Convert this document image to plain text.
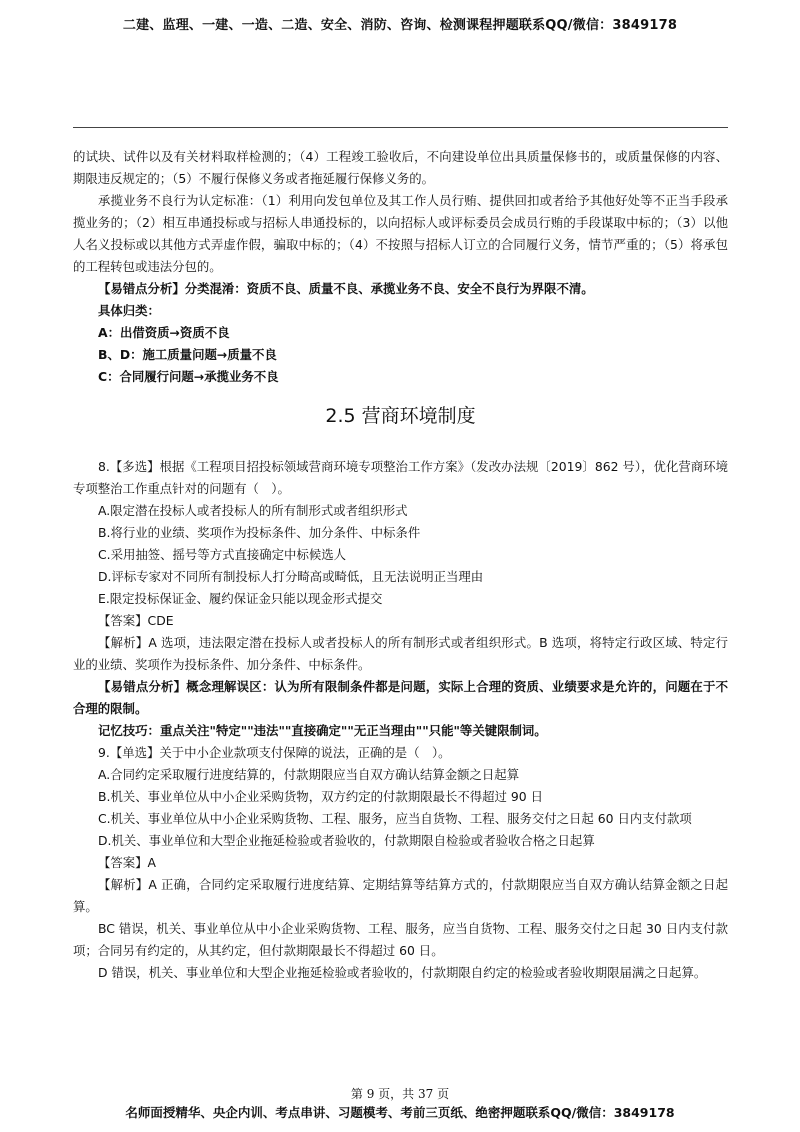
二建、监理、一建、一造、二造、安全、消防、咨询、检测课程押题联系QQ/微信：3849178

的试块、试件以及有关材料取样检测的；（4）工程竣工验收后，不向建设单位出具质量保修书的，或质量保修的内容、期限违反规定的；（5）不履行保修义务或者拖延履行保修义务的。

承揽业务不良行为认定标准：（1）利用向发包单位及其工作人员行贿、提供回扣或者给予其他好处等不正当手段承揽业务的；（2）相互串通投标或与招标人串通投标的，以向招标人或评标委员会成员行贿的手段谋取中标的；（3）以他人名义投标或以其他方式弄虚作假，骗取中标的；（4）不按照与招标人订立的合同履行义务，情节严重的；（5）将承包的工程转包或违法分包的。

【易错点分析】分类混淆：资质不良、质量不良、承揽业务不良、安全不良行为界限不清。

具体归类：

A：出借资质→资质不良

B、D：施工质量问题→质量不良

C：合同履行问题→承揽业务不良

2.5 营商环境制度

8.【多选】根据《工程项目招投标领域营商环境专项整治工作方案》（发改办法规〔2019〕862 号），优化营商环境专项整治工作重点针对的问题有（　）。

A.限定潜在投标人或者投标人的所有制形式或者组织形式

B.将行业的业绩、奖项作为投标条件、加分条件、中标条件

C.采用抽签、摇号等方式直接确定中标候选人

D.评标专家对不同所有制投标人打分畸高或畸低，且无法说明正当理由

E.限定投标保证金、履约保证金只能以现金形式提交

【答案】CDE

【解析】A 选项，违法限定潜在投标人或者投标人的所有制形式或者组织形式。B 选项，将特定行政区域、特定行业的业绩、奖项作为投标条件、加分条件、中标条件。

【易错点分析】概念理解误区：认为所有限制条件都是问题，实际上合理的资质、业绩要求是允许的，问题在于不合理的限制。

记忆技巧：重点关注"特定""违法""直接确定""无正当理由""只能"等关键限制词。

9.【单选】关于中小企业款项支付保障的说法，正确的是（　）。

A.合同约定采取履行进度结算的，付款期限应当自双方确认结算金额之日起算

B.机关、事业单位从中小企业采购货物，双方约定的付款期限最长不得超过 90 日

C.机关、事业单位从中小企业采购货物、工程、服务，应当自货物、工程、服务交付之日起 60 日内支付款项

D.机关、事业单位和大型企业拖延检验或者验收的，付款期限自检验或者验收合格之日起算

【答案】A

【解析】A 正确，合同约定采取履行进度结算、定期结算等结算方式的，付款期限应当自双方确认结算金额之日起算。

BC 错误，机关、事业单位从中小企业采购货物、工程、服务，应当自货物、工程、服务交付之日起 30 日内支付款项；合同另有约定的，从其约定，但付款期限最长不得超过 60 日。

D 错误，机关、事业单位和大型企业拖延检验或者验收的，付款期限自约定的检验或者验收期限届满之日起算。

第 9 页，共 37 页
名师面授精华、央企内训、考点串讲、习题模考、考前三页纸、绝密押题联系QQ/微信：3849178
